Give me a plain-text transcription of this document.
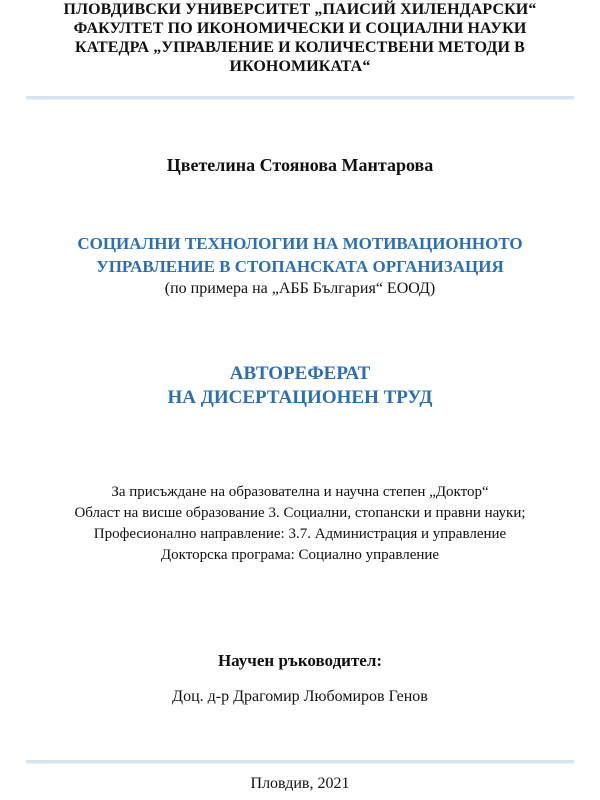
ПЛОВДИВСКИ УНИВЕРСИТЕТ „ПАИСИЙ ХИЛЕНДАРСКИ“
ФАКУЛТЕТ ПО ИКОНОМИЧЕСКИ И СОЦИАЛНИ НАУКИ
КАТЕДРА „УПРАВЛЕНИЕ И КОЛИЧЕСТВЕНИ МЕТОДИ В
ИКОНОМИКАТА“
Цветелина Стоянова Мантарова
СОЦИАЛНИ ТЕХНОЛОГИИ НА МОТИВАЦИОННОТО
УПРАВЛЕНИЕ В СТОПАНСКАТА ОРГАНИЗАЦИЯ
(по примера на „АББ България“ ЕООД)
АВТОРЕФЕРАТ
НА ДИСЕРТАЦИОНЕН ТРУД
За присъждане на образователна и научна степен „Доктор“
Област на висше образование 3. Социални, стопански и правни науки;
Професионално направление: 3.7. Администрация и управление
Докторска програма: Социално управление
Научен ръководител:
Доц. д-р Драгомир Любомиров Генов
Пловдив, 2021
